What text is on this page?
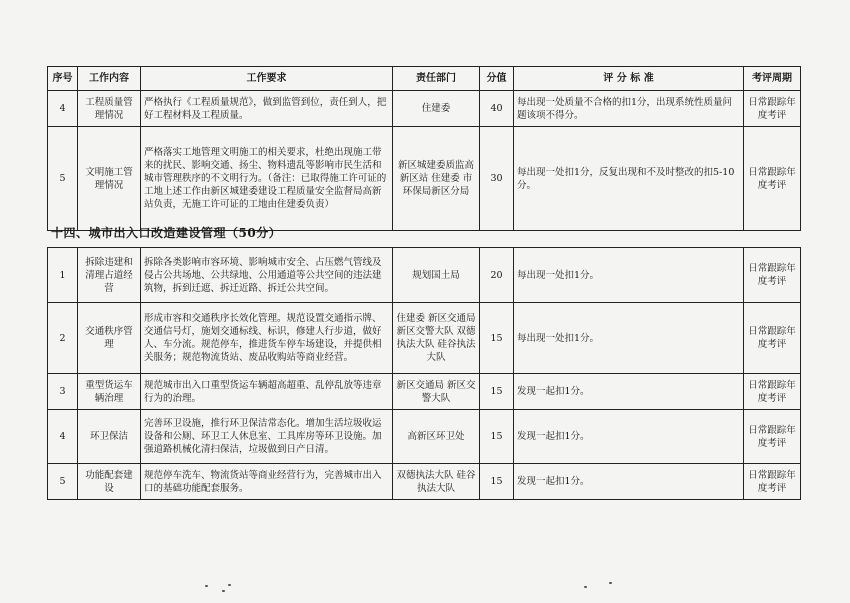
序号	工作内容	工作要求	责任部门	分值	评 分 标 准	考评周期
4	工程质量管理情况	严格执行《工程质量规范》，做到监管到位，责任到人，把好工程材料及工程质量。	住建委	40	每出现一处质量不合格的扣1分，出现系统性质量问题该项不得分。	日常跟踪年度考评
5	文明施工管理情况	严格落实工地管理文明施工的相关要求，杜绝出现施工带来的扰民、影响交通、扬尘、物料遗乱等影响市民生活和城市管理秩序的不文明行为。（备注：已取得施工许可证的工地上述工作由新区城建委建设工程质量安全监督局高新站负责，无施工许可证的工地由住建委负责）	新区城建委质监高新区站 住建委 市环保局新区分局	30	每出现一处扣1分，反复出现和不及时整改的扣5-10分。	日常跟踪年度考评
十四、城市出入口改造建设管理（50分）
1	拆除违建和清理占道经营	拆除各类影响市容环境、影响城市安全、占压燃气管线及侵占公共场地、公共绿地、公用通道等公共空间的违法建筑物，拆到迁遮、拆迁近路、拆迁公共空间。	规划国土局	20	每出现一处扣1分。	日常跟踪年度考评
2	交通秩序管理	形成市容和交通秩序长效化管理。规范设置交通指示牌、交通信号灯，施划交通标线、标识，修建人行步道，做好人、车分流。规范停车，推进货车停车场建设，并提供相关服务；规范物流货站、废品收购站等商业经营。	住建委 新区交通局 新区交警大队 双德执法大队 硅谷执法大队	15	每出现一处扣1分。	日常跟踪年度考评
3	重型货运车辆治理	规范城市出入口重型货运车辆超高超重、乱停乱放等违章行为的治理。	新区交通局 新区交警大队	15	发现一起扣1分。	日常跟踪年度考评
4	环卫保洁	完善环卫设施，推行环卫保洁常态化。增加生活垃圾收运设备和公厕、环卫工人休息室、工具库房等环卫设施。加强道路机械化清扫保洁，垃圾做到日产日清。	高新区环卫处	15	发现一起扣1分。	日常跟踪年度考评
5	功能配套建设	规范停车洗车、物流货站等商业经营行为，完善城市出入口的基础功能配套服务。	双德执法大队 硅谷执法大队	15	发现一起扣1分。	日常跟踪年度考评
